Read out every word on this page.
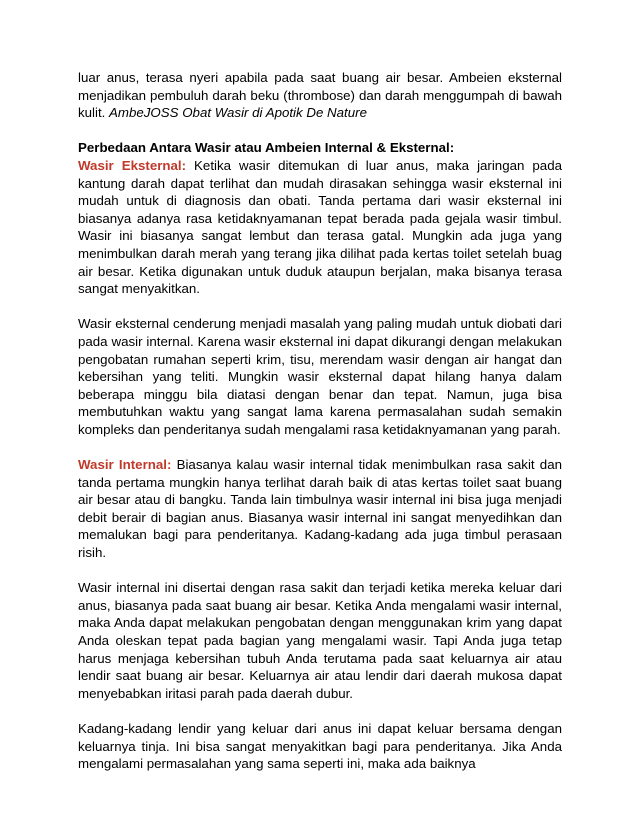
luar anus, terasa nyeri apabila pada saat buang air besar. Ambeien eksternal menjadikan pembuluh darah beku (thrombose) dan darah menggumpah di bawah kulit. AmbeJOSS Obat Wasir di Apotik De Nature

Perbedaan Antara Wasir atau Ambeien Internal & Eksternal:

Wasir Eksternal: Ketika wasir ditemukan di luar anus, maka jaringan pada kantung darah dapat terlihat dan mudah dirasakan sehingga wasir eksternal ini mudah untuk di diagnosis dan obati. Tanda pertama dari wasir eksternal ini biasanya adanya rasa ketidaknyamanan tepat berada pada gejala wasir timbul. Wasir ini biasanya sangat lembut dan terasa gatal. Mungkin ada juga yang menimbulkan darah merah yang terang jika dilihat pada kertas toilet setelah buag air besar. Ketika digunakan untuk duduk ataupun berjalan, maka bisanya terasa sangat menyakitkan.

Wasir eksternal cenderung menjadi masalah yang paling mudah untuk diobati dari pada wasir internal. Karena wasir eksternal ini dapat dikurangi dengan melakukan pengobatan rumahan seperti krim, tisu, merendam wasir dengan air hangat dan kebersihan yang teliti. Mungkin wasir eksternal dapat hilang hanya dalam beberapa minggu bila diatasi dengan benar dan tepat. Namun, juga bisa membutuhkan waktu yang sangat lama karena permasalahan sudah semakin kompleks dan penderitanya sudah mengalami rasa ketidaknyamanan yang parah.

Wasir Internal: Biasanya kalau wasir internal tidak menimbulkan rasa sakit dan tanda pertama mungkin hanya terlihat darah baik di atas kertas toilet saat buang air besar atau di bangku. Tanda lain timbulnya wasir internal ini bisa juga menjadi debit berair di bagian anus. Biasanya wasir internal ini sangat menyedihkan dan memalukan bagi para penderitanya. Kadang-kadang ada juga timbul perasaan risih.

Wasir internal ini disertai dengan rasa sakit dan terjadi ketika mereka keluar dari anus, biasanya pada saat buang air besar. Ketika Anda mengalami wasir internal, maka Anda dapat melakukan pengobatan dengan menggunakan krim yang dapat Anda oleskan tepat pada bagian yang mengalami wasir. Tapi Anda juga tetap harus menjaga kebersihan tubuh Anda terutama pada saat keluarnya air atau lendir saat buang air besar. Keluarnya air atau lendir dari daerah mukosa dapat menyebabkan iritasi parah pada daerah dubur.

Kadang-kadang lendir yang keluar dari anus ini dapat keluar bersama dengan keluarnya tinja. Ini bisa sangat menyakitkan bagi para penderitanya. Jika Anda mengalami permasalahan yang sama seperti ini, maka ada baiknya
